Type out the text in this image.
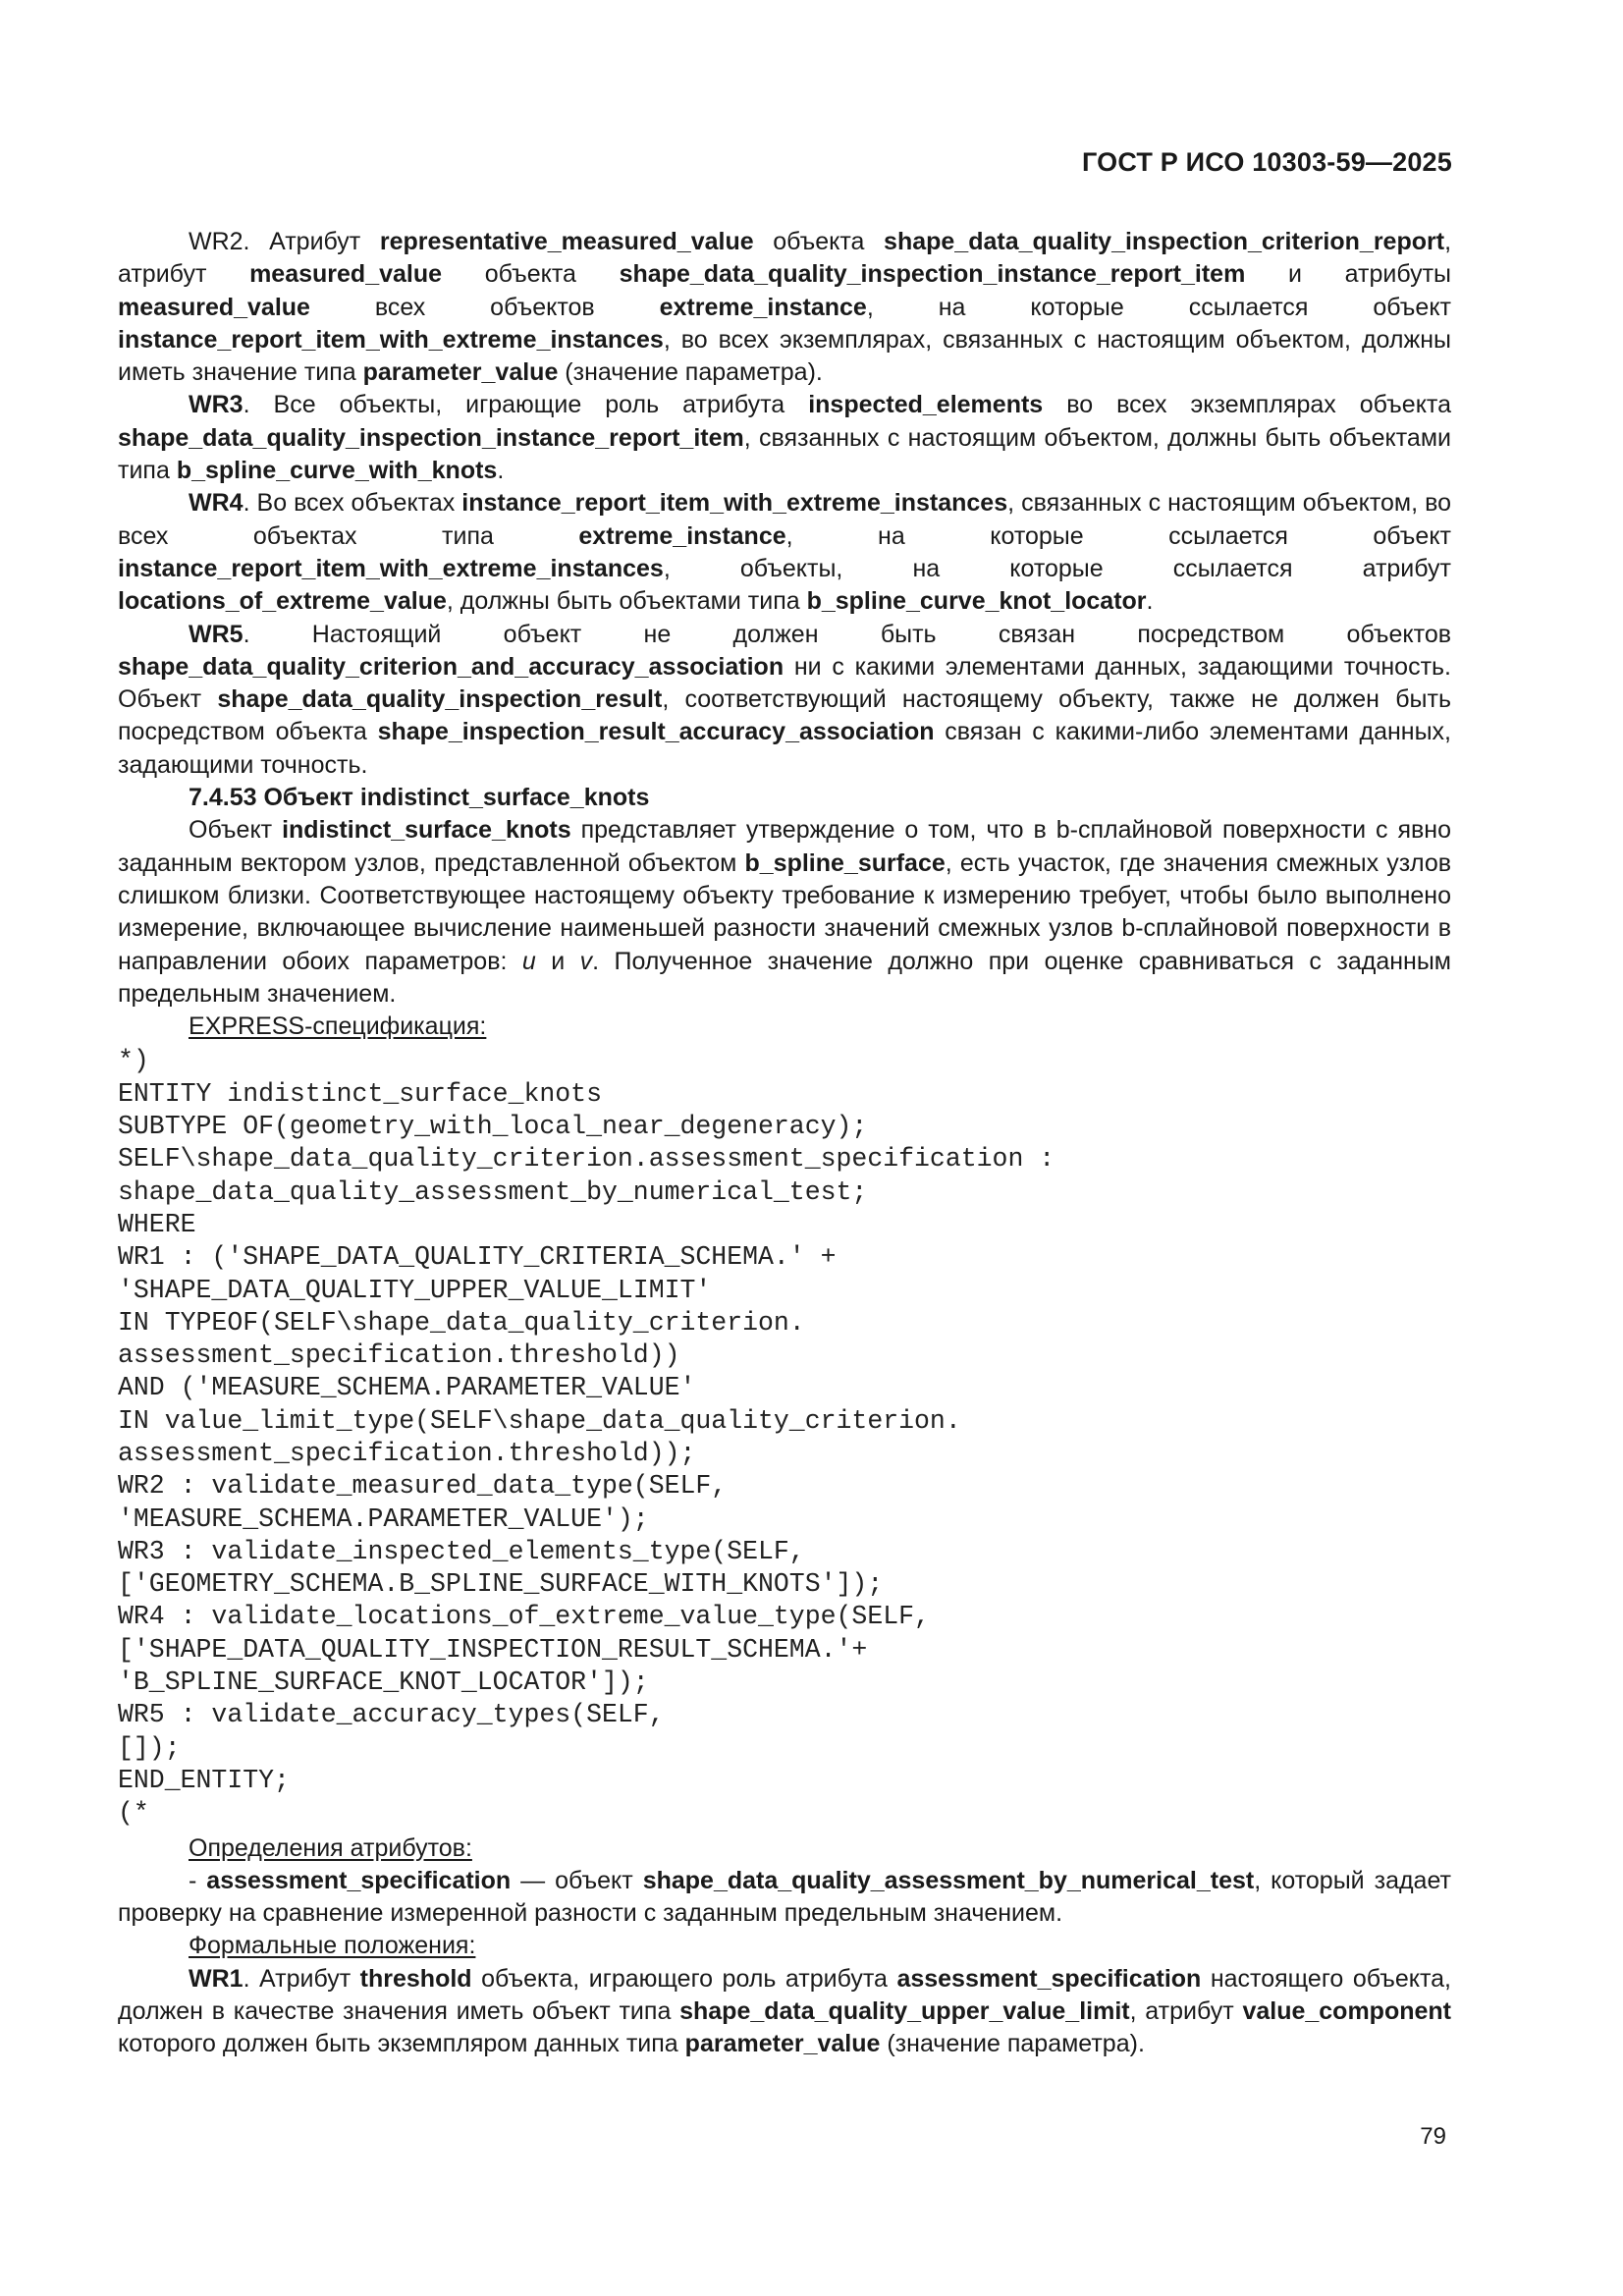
ГОСТ Р ИСО 10303-59—2025

WR2. Атрибут representative_measured_value объекта shape_data_quality_inspection_criterion_report, атрибут measured_value объекта shape_data_quality_inspection_instance_report_item и атрибуты measured_value всех объектов extreme_instance, на которые ссылается объект instance_report_item_with_extreme_instances, во всех экземплярах, связанных с настоящим объектом, должны иметь значение типа parameter_value (значение параметра).

WR3. Все объекты, играющие роль атрибута inspected_elements во всех экземплярах объекта shape_data_quality_inspection_instance_report_item, связанных с настоящим объектом, должны быть объектами типа b_spline_curve_with_knots.

WR4. Во всех объектах instance_report_item_with_extreme_instances, связанных с настоящим объектом, во всех объектах типа extreme_instance, на которые ссылается объект instance_report_item_with_extreme_instances, объекты, на которые ссылается атрибут locations_of_extreme_value, должны быть объектами типа b_spline_curve_knot_locator.

WR5. Настоящий объект не должен быть связан посредством объектов shape_data_quality_criterion_and_accuracy_association ни с какими элементами данных, задающими точность. Объект shape_data_quality_inspection_result, соответствующий настоящему объекту, также не должен быть посредством объекта shape_inspection_result_accuracy_association связан с какими-либо элементами данных, задающими точность.

7.4.53 Объект indistinct_surface_knots

Объект indistinct_surface_knots представляет утверждение о том, что в b-сплайновой поверхности с явно заданным вектором узлов, представленной объектом b_spline_surface, есть участок, где значения смежных узлов слишком близки. Соответствующее настоящему объекту требование к измерению требует, чтобы было выполнено измерение, включающее вычисление наименьшей разности значений смежных узлов b-сплайновой поверхности в направлении обоих параметров: u и v. Полученное значение должно при оценке сравниваться с заданным предельным значением.

EXPRESS-спецификация:

*)
ENTITY indistinct_surface_knots
SUBTYPE OF(geometry_with_local_near_degeneracy);
SELF\shape_data_quality_criterion.assessment_specification :
shape_data_quality_assessment_by_numerical_test;
WHERE
WR1 : ('SHAPE_DATA_QUALITY_CRITERIA_SCHEMA.' +
'SHAPE_DATA_QUALITY_UPPER_VALUE_LIMIT'
IN TYPEOF(SELF\shape_data_quality_criterion.
assessment_specification.threshold))
AND ('MEASURE_SCHEMA.PARAMETER_VALUE'
IN value_limit_type(SELF\shape_data_quality_criterion.
assessment_specification.threshold));
WR2 : validate_measured_data_type(SELF,
'MEASURE_SCHEMA.PARAMETER_VALUE');
WR3 : validate_inspected_elements_type(SELF,
['GEOMETRY_SCHEMA.B_SPLINE_SURFACE_WITH_KNOTS']);
WR4 : validate_locations_of_extreme_value_type(SELF,
['SHAPE_DATA_QUALITY_INSPECTION_RESULT_SCHEMA.'+
'B_SPLINE_SURFACE_KNOT_LOCATOR']);
WR5 : validate_accuracy_types(SELF,
[]);
END_ENTITY;
(*

Определения атрибутов:

- assessment_specification — объект shape_data_quality_assessment_by_numerical_test, который задает проверку на сравнение измеренной разности с заданным предельным значением.

Формальные положения:

WR1. Атрибут threshold объекта, играющего роль атрибута assessment_specification настоящего объекта, должен в качестве значения иметь объект типа shape_data_quality_upper_value_limit, атрибут value_component которого должен быть экземпляром данных типа parameter_value (значение параметра).

79
